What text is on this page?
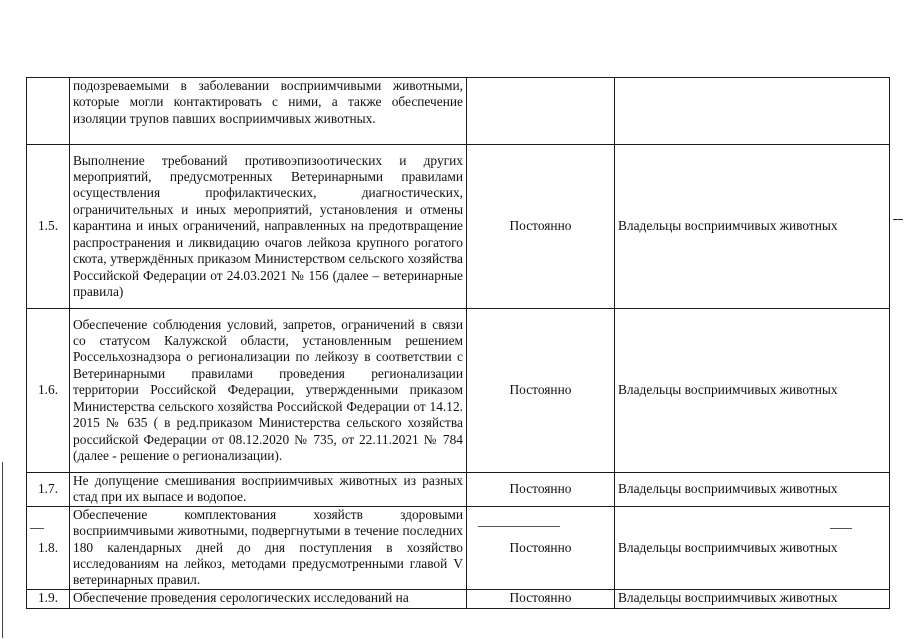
	подозреваемыми в заболевании восприимчивыми животными, которые могли контактировать с ними, а также обеспечение изоляции трупов павших восприимчивых животных.		
1.5.	Выполнение требований противоэпизоотических и других мероприятий, предусмотренных Ветеринарными правилами осуществления профилактических, диагностических, ограничительных и иных мероприятий, установления и отмены карантина и иных ограничений, направленных на предотвращение распространения и ликвидацию очагов лейкоза крупного рогатого скота, утверждённых приказом Министерством сельского хозяйства Российской Федерации от 24.03.2021 № 156 (далее – ветеринарные правила)	Постоянно	Владельцы восприимчивых животных
1.6.	Обеспечение соблюдения условий, запретов, ограничений в связи со статусом Калужской области, установленным решением Россельхознадзора о регионализации по лейкозу в соответствии с Ветеринарными правилами проведения регионализации территории Российской Федерации, утвержденными приказом Министерства сельского хозяйства Российской Федерации от 14.12. 2015 № 635 ( в ред.приказом Министерства сельского хозяйства российской Федерации от 08.12.2020 № 735, от 22.11.2021 № 784 (далее - решение о регионализации).	Постоянно	Владельцы восприимчивых животных
1.7.	Не допущение смешивания восприимчивых животных из разных стад при их выпасе и водопое.	Постоянно	Владельцы восприимчивых животных
1.8.	Обеспечение комплектования хозяйств здоровыми восприимчивыми животными, подвергнутыми в течение последних 180 календарных дней до дня поступления в хозяйство исследованиям на лейкоз, методами предусмотренными главой V ветеринарных правил.	Постоянно	Владельцы восприимчивых животных
1.9.	Обеспечение проведения серологических исследований на	Постоянно	Владельцы восприимчивых животных
